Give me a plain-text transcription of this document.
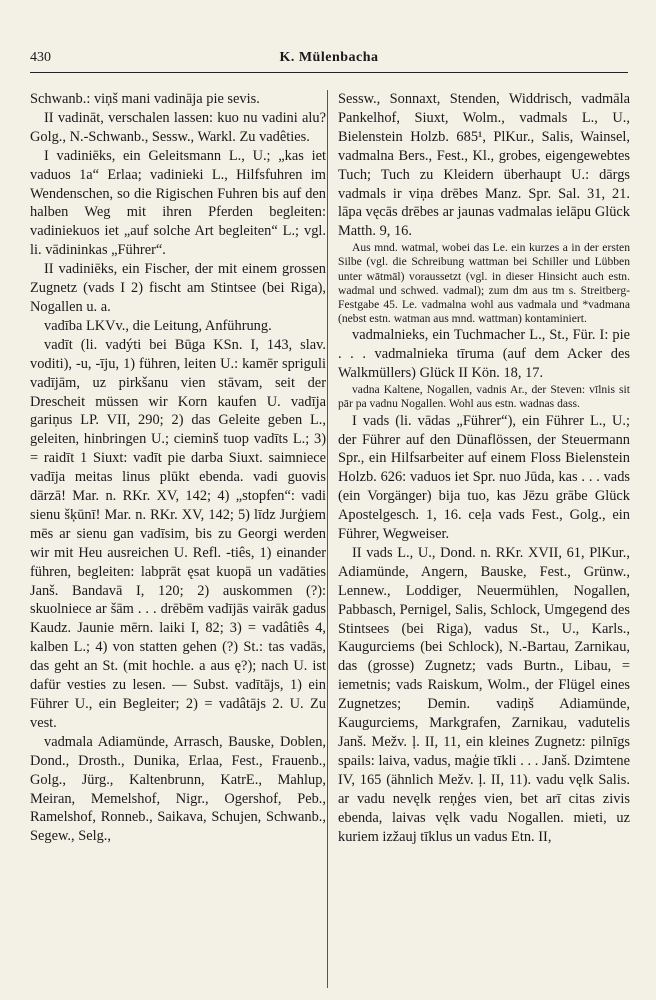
430	K. Mülenbacha

Schwanb.: viņš mani vadināja pie sevis.

II vadināt, verschalen lassen: kuo nu vadini alu? Golg., N.-Schwanb., Sessw., Warkl. Zu vadêties.

I vadiniēks, ein Geleitsmann L., U.; „kas iet vaduos 1a“ Erlaa; vadinieki L., Hilfsfuhren im Wendenschen, so die Rigischen Fuhren bis auf den halben Weg mit ihren Pferden begleiten: vadiniekuos iet „auf solche Art begleiten“ L.; vgl. li. vādininkas „Führer“.

II vadiniēks, ein Fischer, der mit einem grossen Zugnetz (vads I 2) fischt am Stintsee (bei Riga), Nogallen u. a.

vadība LKVv., die Leitung, Anführung.

vadīt (li. vadýti bei Būga KSn. I, 143, slav. voditi), -u, -īju, 1) führen, leiten U.: kamēr spriguli vadījām, uz pirkšanu vien stāvam, seit der Drescheit müssen wir Korn kaufen U. vadīja gariņus LP. VII, 290; 2) das Geleite geben L., geleiten, hinbringen U.; cieminš tuop vadīts L.; 3) = raidīt 1 Siuxt: vadīt pie darba Siuxt. saimniece vadīja meitas linus plūkt ebenda. vadi guovis dārzā! Mar. n. RKr. XV, 142; 4) „stopfen“: vadi sienu šķūnī! Mar. n. RKr. XV, 142; 5) līdz Jurģiem mēs ar sienu gan vadīsim, bis zu Georgi werden wir mit Heu ausreichen U. Refl. -tiês, 1) einander führen, begleiten: labprāt ęsat kuopā un vadāties Janš. Bandavā I, 120; 2) auskommen (?): skuolniece ar šām . . . drēbēm vadījās vairāk gadus Kaudz. Jaunie mērn. laiki I, 82; 3) = vadâtiês 4, kalben L.; 4) von statten gehen (?) St.: tas vadās, das geht an St. (mit hochle. a aus ę?); nach U. ist dafür vesties zu lesen. — Subst. vadītājs, 1) ein Führer U., ein Begleiter; 2) = vadâtājs 2. U. Zu vest.

vadmala Adiamünde, Arrasch, Bauske, Doblen, Dond., Drosth., Dunika, Erlaa, Fest., Frauenb., Golg., Jürg., Kaltenbrunn, KatrE., Mahlup, Meiran, Memelshof, Nigr., Ogershof, Peb., Ramelshof, Ronneb., Saikava, Schujen, Schwanb., Segew., Selg.,

Sessw., Sonnaxt, Stenden, Widdrisch, vadmāla Pankelhof, Siuxt, Wolm., vadmals L., U., Bielenstein Holzb. 685¹, PlKur., Salis, Wainsel, vadmalna Bers., Fest., Kl., grobes, eigengewebtes Tuch; Tuch zu Kleidern überhaupt U.: dārgs vadmals ir viņa drēbes Manz. Spr. Sal. 31, 21. lāpa vęcās drēbes ar jaunas vadmalas ielāpu Glück Matth. 9, 16.

Aus mnd. watmal, wobei das Le. ein kurzes a in der ersten Silbe (vgl. die Schreibung wattman bei Schiller und Lübben unter wātmāl) voraussetzt (vgl. in dieser Hinsicht auch estn. wadmal und schwed. vadmal); zum dm aus tm s. Streitberg-Festgabe 45. Le. vadmalna wohl aus vadmala und *vadmana (nebst estn. watman aus mnd. wattman) kontaminiert.

vadmalnieks, ein Tuchmacher L., St., Für. I: pie . . . vadmalnieka tīruma (auf dem Acker des Walkmüllers) Glück II Kön. 18, 17.

vadna Kaltene, Nogallen, vadnis Ar., der Steven: vīlnis sit pār pa vadnu Nogallen. Wohl aus estn. wadnas dass.

I vads (li. vādas „Führer“), ein Führer L., U.; der Führer auf den Dünaflössen, der Steuermann Spr., ein Hilfsarbeiter auf einem Floss Bielenstein Holzb. 626: vaduos iet Spr. nuo Jūda, kas . . . vads (ein Vorgänger) bija tuo, kas Jēzu grābe Glück Apostelgesch. 1, 16. ceļa vads Fest., Golg., ein Führer, Wegweiser.

II vads L., U., Dond. n. RKr. XVII, 61, PlKur., Adiamünde, Angern, Bauske, Fest., Grünw., Lennew., Loddiger, Neuermühlen, Nogallen, Pabbasch, Pernigel, Salis, Schlock, Umgegend des Stintsees (bei Riga), vadus St., U., Karls., Kaugurciems (bei Schlock), N.-Bartau, Zarnikau, das (grosse) Zugnetz; vads Burtn., Libau, = iemetnis; vads Raiskum, Wolm., der Flügel eines Zugnetzes; Demin. vadiņš Adiamünde, Kaugurciems, Markgrafen, Zarnikau, vadutelis Janš. Mežv. ļ. II, 11, ein kleines Zugnetz: pilnīgs spails: laiva, vadus, maģie tīkli . . . Janš. Dzimtene IV, 165 (ähnlich Mežv. ļ. II, 11). vadu vęlk Salis. ar vadu nevęlk reņģes vien, bet arī citas zivis ebenda, laivas vęlk vadu Nogallen. mieti, uz kuriem izžauj tīklus un vadus Etn. II,
